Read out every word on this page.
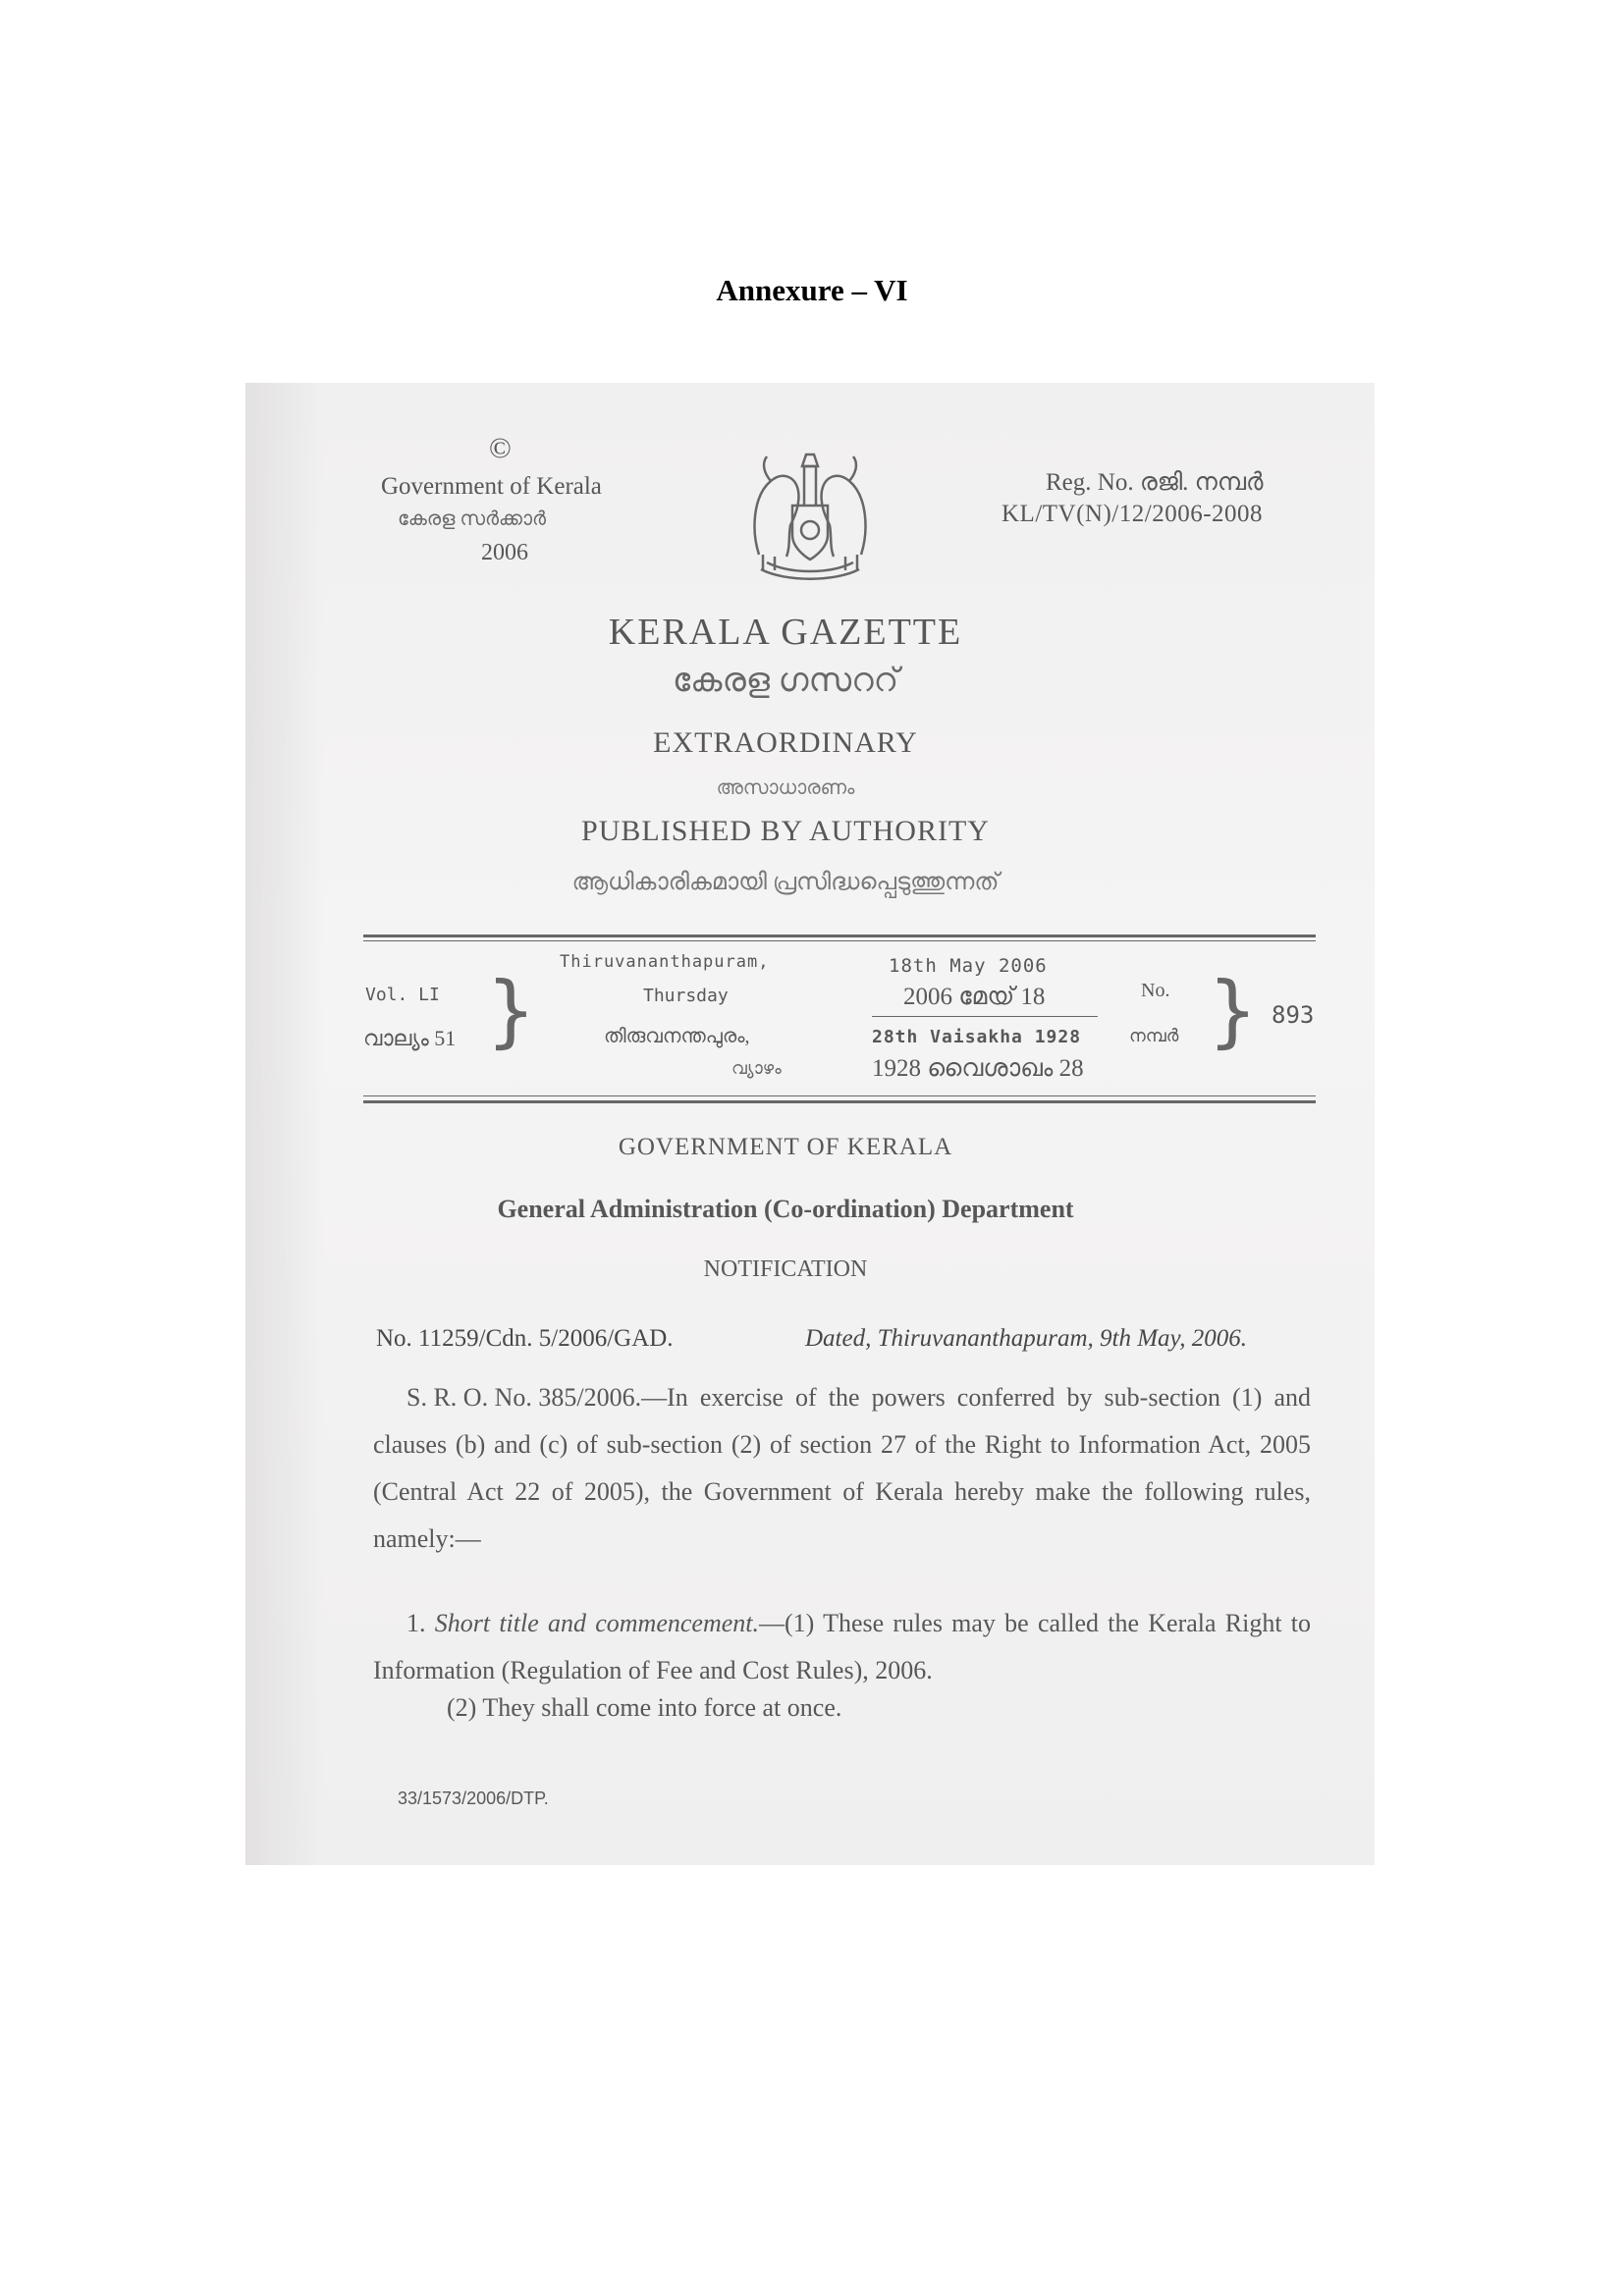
Annexure – VI
©
Government of Kerala
കേരള സർക്കാർ
2006
Reg. No. രജി. നമ്പർ
KL/TV(N)/12/2006-2008
KERALA GAZETTE
കേരള ഗസററ്
EXTRAORDINARY
അസാധാരണം
PUBLISHED BY AUTHORITY
ആധികാരികമായി പ്രസിദ്ധപ്പെടുത്തുന്നത്
Vol. LI
വാല്യം 51 }
Thiruvananthapuram,
Thursday
തിരുവനന്തപുരം,
വ്യാഴം
18th May 2006
2006 മേയ് 18
28th Vaisakha 1928
1928 വൈശാഖം 28
No.
നമ്പർ } 893
GOVERNMENT OF KERALA
General Administration (Co-ordination) Department
NOTIFICATION
No. 11259/Cdn. 5/2006/GAD.	Dated, Thiruvananthapuram, 9th May, 2006.
S. R. O. No. 385/2006.—In exercise of the powers conferred by sub-section (1) and clauses (b) and (c) of sub-section (2) of section 27 of the Right to Information Act, 2005 (Central Act 22 of 2005), the Government of Kerala hereby make the following rules, namely:—
1. Short title and commencement.—(1) These rules may be called the Kerala Right to Information (Regulation of Fee and Cost Rules), 2006.
(2) They shall come into force at once.
33/1573/2006/DTP.
